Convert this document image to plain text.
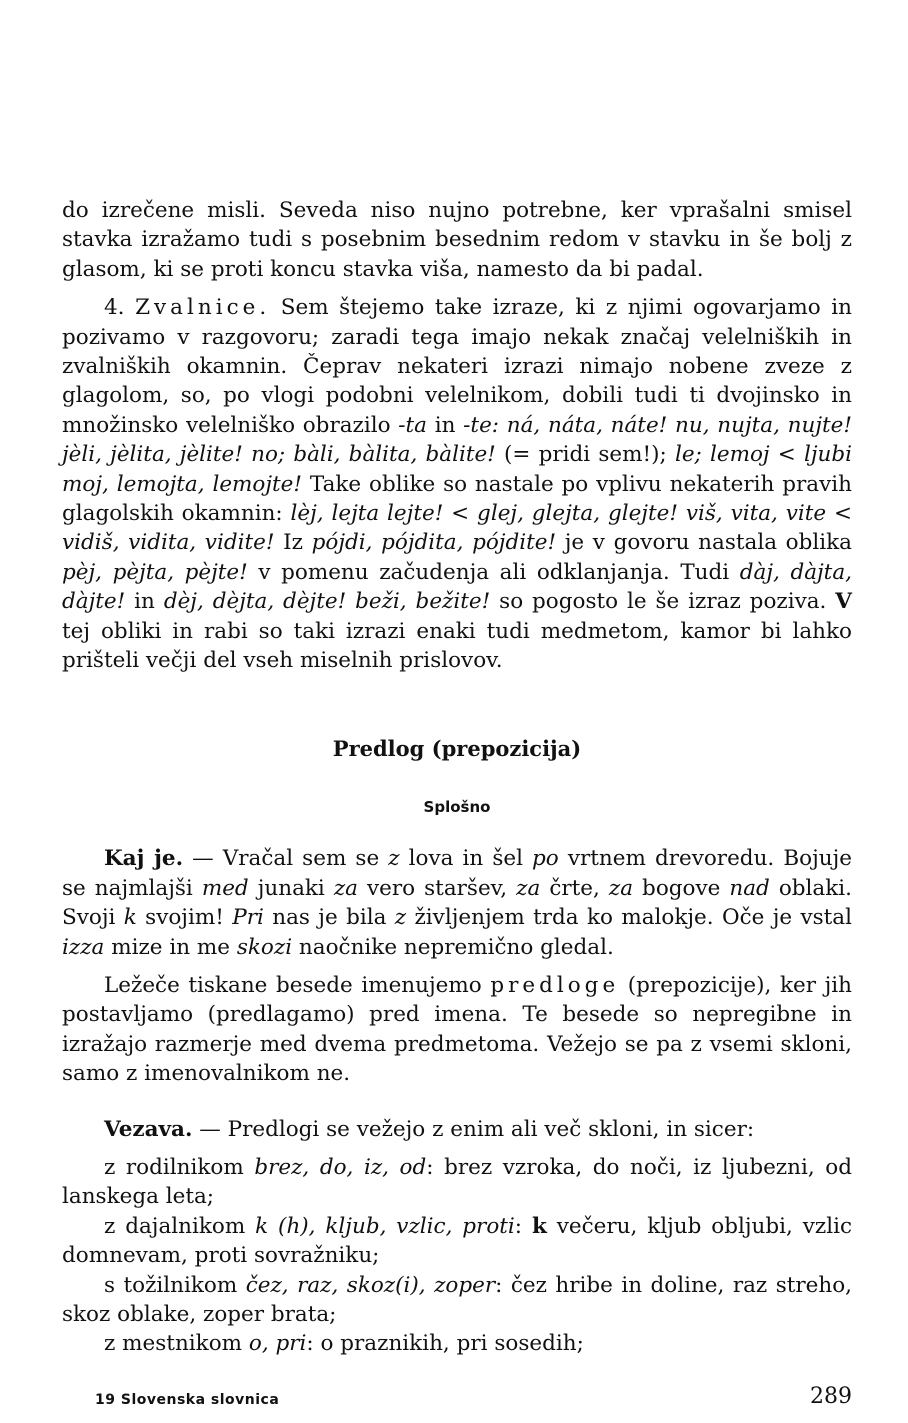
do izrečene misli. Seveda niso nujno potrebne, ker vprašalni smisel stavka izražamo tudi s posebnim besednim redom v stavku in še bolj z glasom, ki se proti koncu stavka viša, namesto da bi padal.

4. Zvalnice. Sem štejemo take izraze, ki z njimi ogovarjamo in pozivamo v razgovoru; zaradi tega imajo nekak značaj velelniških in zvalniških okamnin. Čeprav nekateri izrazi nimajo nobene zveze z glagolom, so, po vlogi podobni velelnikom, dobili tudi ti dvojinsko in množinsko velelniško obrazilo -ta in -te: ná, náta, náte! nu, nujta, nujte! jèli, jèlita, jèlite! no; bàli, bàlita, bàlite! (= pridi sem!); le; lemoj < ljubi moj, lemojta, lemojte! Take oblike so nastale po vplivu nekaterih pravih glagolskih okamnin: lèj, lejta lejte! < glej, glejta, glejte! viš, vita, vite < vidiš, vidita, vidite! Iz pójdi, pójdita, pójdite! je v govoru nastala oblika pèj, pèjta, pèjte! v pomenu začudenja ali odklanjanja. Tudi dàj, dàjta, dàjte! in dèj, dèjta, dèjte! beži, bežite! so pogosto le še izraz poziva. V tej obliki in rabi so taki izrazi enaki tudi medmetom, kamor bi lahko prišteli večji del vseh miselnih prislovov.

Predlog (prepozicija)
Splošno

Kaj je. — Vračal sem se z lova in šel po vrtnem drevoredu. Bojuje se najmlajši med junaki za vero staršev, za črte, za bogove nad oblaki. Svoji k svojim! Pri nas je bila z življenjem trda ko malokje. Oče je vstal izza mize in me skozi naočnike nepremično gledal.

Ležeče tiskane besede imenujemo predloge (prepozicije), ker jih postavljamo (predlagamo) pred imena. Te besede so nepregibne in izražajo razmerje med dvema predmetoma. Vežejo se pa z vsemi skloni, samo z imenovalnikom ne.

Vezava. — Predlogi se vežejo z enim ali več skloni, in sicer:

z rodilnikom brez, do, iz, od: brez vzroka, do noči, iz ljubezni, od lanskega leta;

z dajalnikom k (h), kljub, vzlic, proti: k večeru, kljub obljubi, vzlic domnevam, proti sovražniku;

s tožilnikom čez, raz, skoz(i), zoper: čez hribe in doline, raz streho, skoz oblake, zoper brata;

z mestnikom o, pri: o praznikih, pri sosedih;

19 Slovenska slovnica	289
